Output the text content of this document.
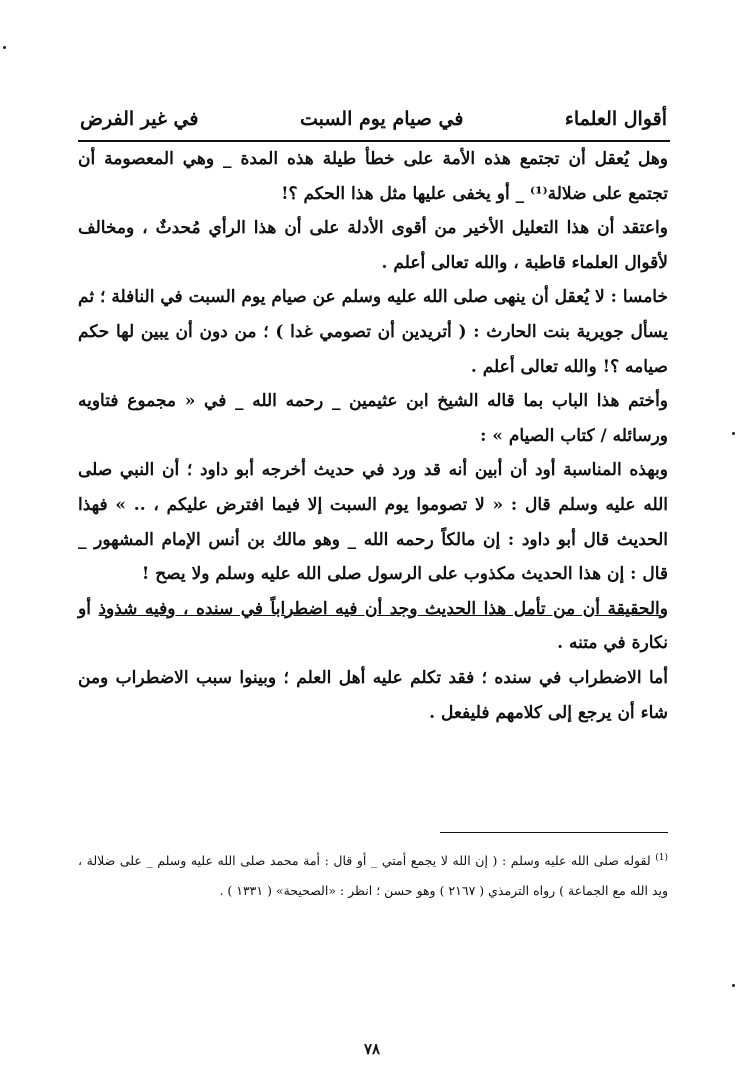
أقوال العلماء
في صيام يوم السبت
في غير الفرض

وهل يُعقل أن تجتمع هذه الأمة على خطأ طيلة هذه المدة _ وهي المعصومة أن تجتمع على ضلالة⁽¹⁾ _ أو يخفى عليها مثل هذا الحكم ؟!

واعتقد أن هذا التعليل الأخير من أقوى الأدلة على أن هذا الرأي مُحدثٌ ، ومخالف لأقوال العلماء قاطبة ، والله تعالى أعلم .

خامسا : لا يُعقل أن ينهى صلى الله عليه وسلم عن صيام يوم السبت في النافلة ؛ ثم يسأل جويرية بنت الحارث : ( أتريدين أن تصومي غدا ) ؛ من دون أن يبين لها حكم صيامه ؟! والله تعالى أعلم .

وأختم هذا الباب بما قاله الشيخ ابن عثيمين _ رحمه الله _ في « مجموع فتاويه ورسائله / كتاب الصيام » :

وبهذه المناسبة أود أن أبين أنه قد ورد في حديث أخرجه أبو داود ؛ أن النبي صلى الله عليه وسلم قال : « لا تصوموا يوم السبت إلا فيما افترض عليكم ، .. » فهذا الحديث قال أبو داود : إن مالكاً رحمه الله _ وهو مالك بن أنس الإمام المشهور _ قال : إن هذا الحديث مكذوب على الرسول صلى الله عليه وسلم ولا يصح !

والحقيقة أن من تأمل هذا الحديث وجد أن فيه اضطراباً في سنده ، وفيه شذوذ أو نكارة في متنه .

أما الاضطراب في سنده ؛ فقد تكلم عليه أهل العلم ؛ وبينوا سبب الاضطراب ومن شاء أن يرجع إلى كلامهم فليفعل .

$^{(1)}$ لقوله صلى الله عليه وسلم : ( إن الله لا يجمع أمتي _ أو قال : أمة محمد صلى الله عليه وسلم _ على ضلالة ، ويد الله مع الجماعة ) رواه الترمذي ( ٢١٦٧ ) وهو حسن ؛ انظر : «الصحيحة» ( ١٣٣١ ) .
٧٨
